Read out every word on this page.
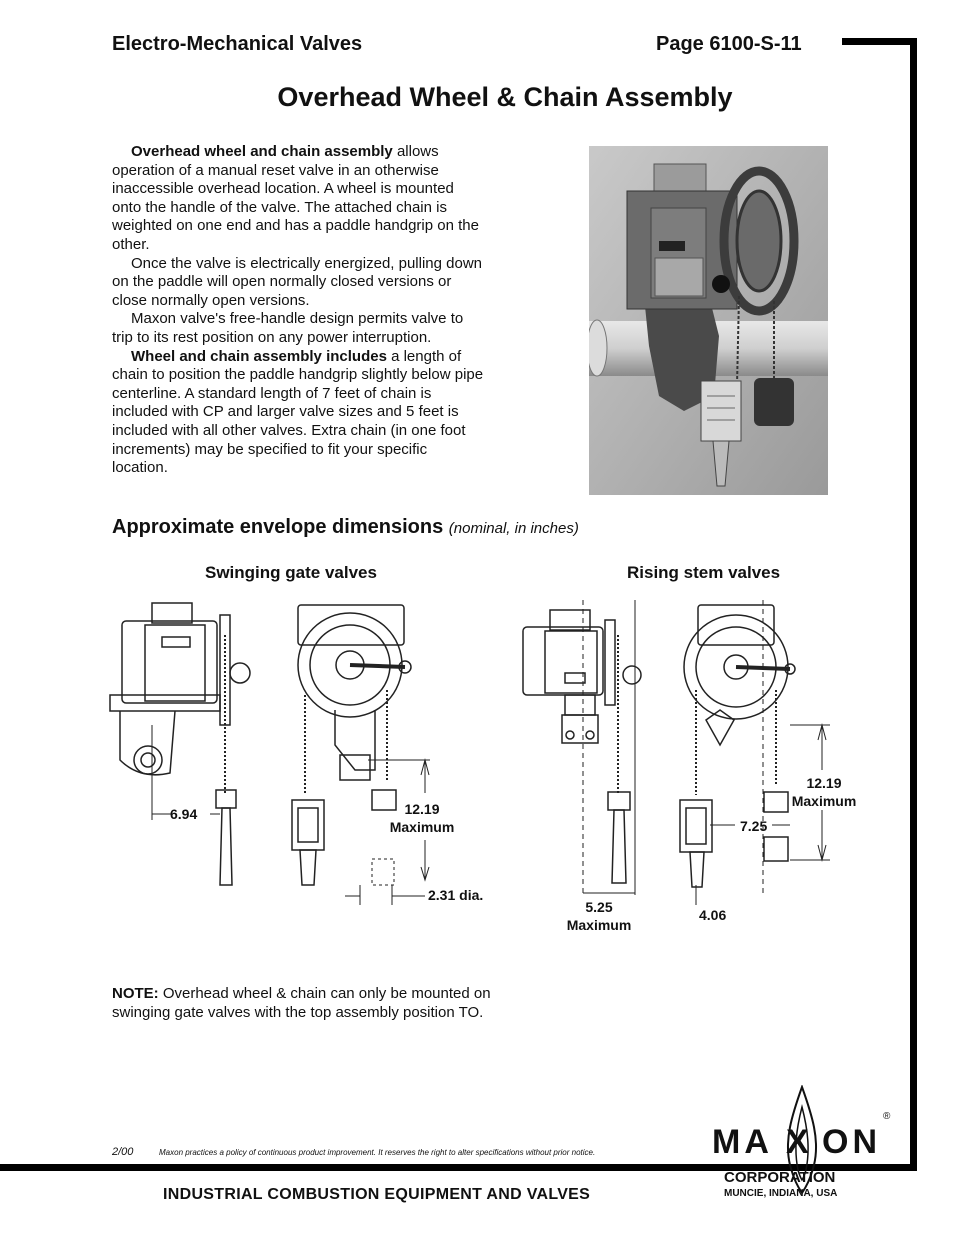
Electro-Mechanical Valves	Page 6100-S-11
Overhead Wheel & Chain Assembly

Overhead wheel and chain assembly allows operation of a manual reset valve in an otherwise inaccessible overhead location. A wheel is mounted onto the handle of the valve. The attached chain is weighted on one end and has a paddle handgrip on the other.

Once the valve is electrically energized, pulling down on the paddle will open normally closed versions or close normally open versions.

Maxon valve's free-handle design permits valve to trip to its rest position on any power interruption.

Wheel and chain assembly includes a length of chain to position the paddle handgrip slightly below pipe centerline. A standard length of 7 feet of chain is included with CP and larger valve sizes and 5 feet is included with all other valves. Extra chain (in one foot increments) may be specified to fit your specific location.

Approximate envelope dimensions (nominal, in inches)
Swinging gate valves	Rising stem valves
6.94	12.19
Maximum
2.31 dia.
5.25
Maximum
12.19
Maximum
7.25
4.06
NOTE: Overhead wheel & chain can only be mounted on swinging gate valves with the top assembly position TO.
2/00	Maxon practices a policy of continuous product improvement. It reserves the right to alter specifications without prior notice.
INDUSTRIAL COMBUSTION EQUIPMENT AND VALVES
MA X ON
®
CORPORATION
MUNCIE, INDIANA, USA
